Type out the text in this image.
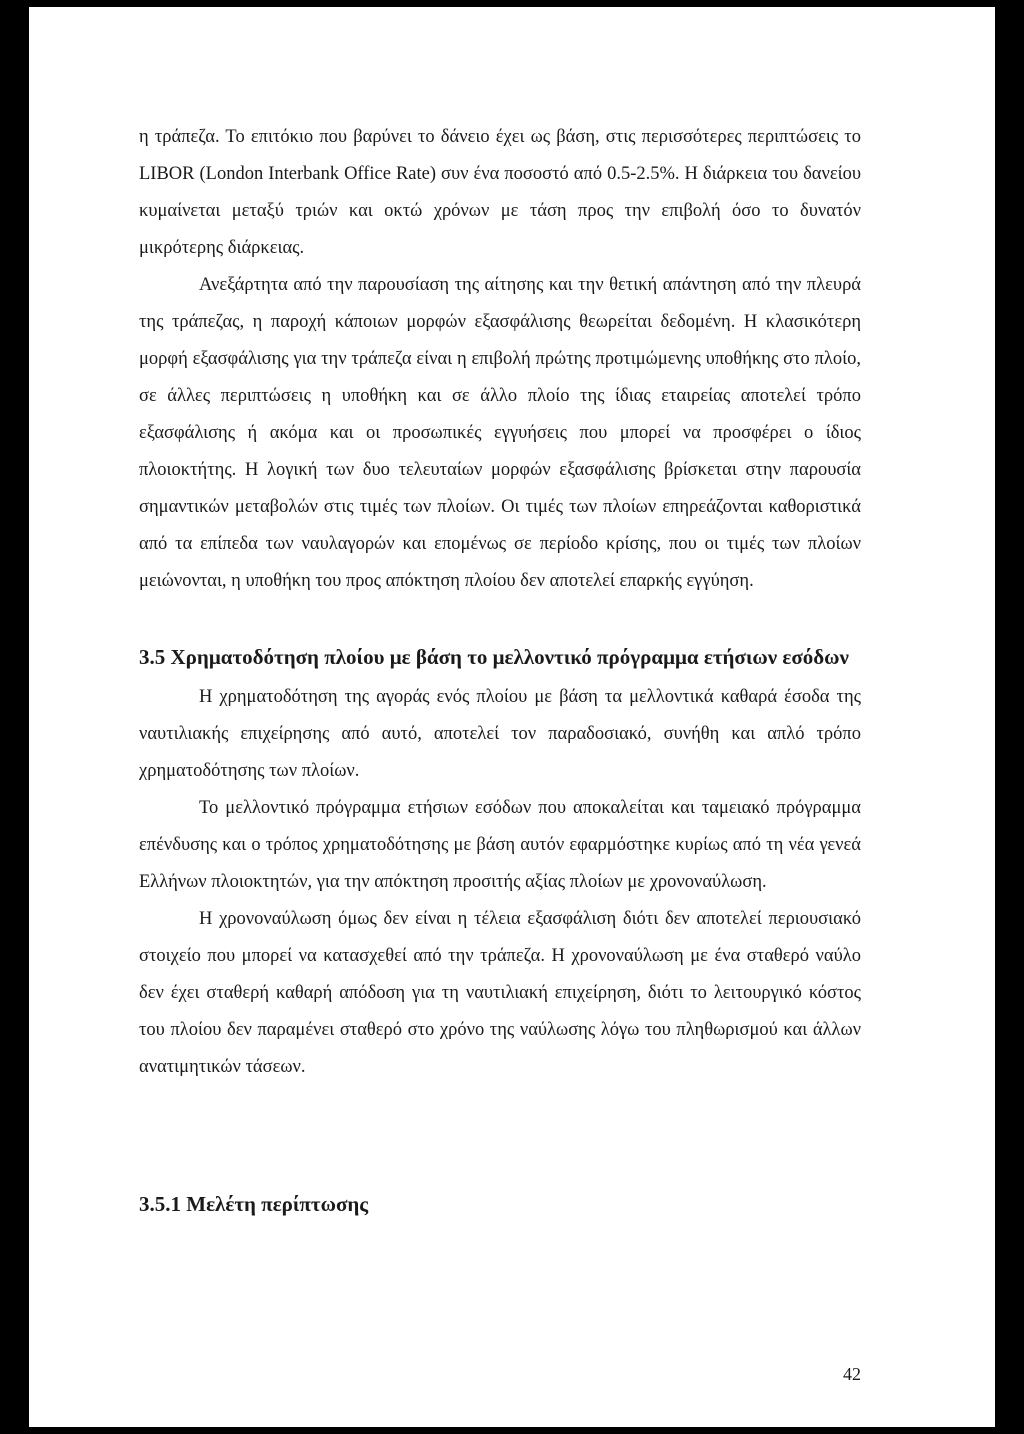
η τράπεζα. Το επιτόκιο που βαρύνει το δάνειο έχει ως βάση, στις περισσότερες περιπτώσεις το LIBOR (London Interbank Office Rate) συν ένα ποσοστό από 0.5-2.5%. Η διάρκεια του δανείου κυμαίνεται μεταξύ τριών και οκτώ χρόνων με τάση προς την επιβολή όσο το δυνατόν μικρότερης διάρκειας.

Ανεξάρτητα από την παρουσίαση της αίτησης και την θετική απάντηση από την πλευρά της τράπεζας, η παροχή κάποιων μορφών εξασφάλισης θεωρείται δεδομένη. Η κλασικότερη μορφή εξασφάλισης για την τράπεζα είναι η επιβολή πρώτης προτιμώμενης υποθήκης στο πλοίο, σε άλλες περιπτώσεις η υποθήκη και σε άλλο πλοίο της ίδιας εταιρείας αποτελεί τρόπο εξασφάλισης ή ακόμα και οι προσωπικές εγγυήσεις που μπορεί να προσφέρει ο ίδιος πλοιοκτήτης. Η λογική των δυο τελευταίων μορφών εξασφάλισης βρίσκεται στην παρουσία σημαντικών μεταβολών στις τιμές των πλοίων. Οι τιμές των πλοίων επηρεάζονται καθοριστικά από τα επίπεδα των ναυλαγορών και επομένως σε περίοδο κρίσης, που οι τιμές των πλοίων μειώνονται, η υποθήκη του προς απόκτηση πλοίου δεν αποτελεί επαρκής εγγύηση.

3.5 Χρηματοδότηση πλοίου με βάση το μελλοντικό πρόγραμμα ετήσιων εσόδων

Η χρηματοδότηση της αγοράς ενός πλοίου με βάση τα μελλοντικά καθαρά έσοδα της ναυτιλιακής επιχείρησης από αυτό, αποτελεί τον παραδοσιακό, συνήθη και απλό τρόπο χρηματοδότησης των πλοίων.

Το μελλοντικό πρόγραμμα ετήσιων εσόδων που αποκαλείται και ταμειακό πρόγραμμα επένδυσης και ο τρόπος χρηματοδότησης με βάση αυτόν εφαρμόστηκε κυρίως από τη νέα γενεά Ελλήνων πλοιοκτητών, για την απόκτηση προσιτής αξίας πλοίων με χρονοναύλωση.

Η χρονοναύλωση όμως δεν είναι η τέλεια εξασφάλιση διότι δεν αποτελεί περιουσιακό στοιχείο που μπορεί να κατασχεθεί από την τράπεζα. Η χρονοναύλωση με ένα σταθερό ναύλο δεν έχει σταθερή καθαρή απόδοση για τη ναυτιλιακή επιχείρηση, διότι το λειτουργικό κόστος του πλοίου δεν παραμένει σταθερό στο χρόνο της ναύλωσης λόγω του πληθωρισμού και άλλων ανατιμητικών τάσεων.

3.5.1 Μελέτη περίπτωσης
42
